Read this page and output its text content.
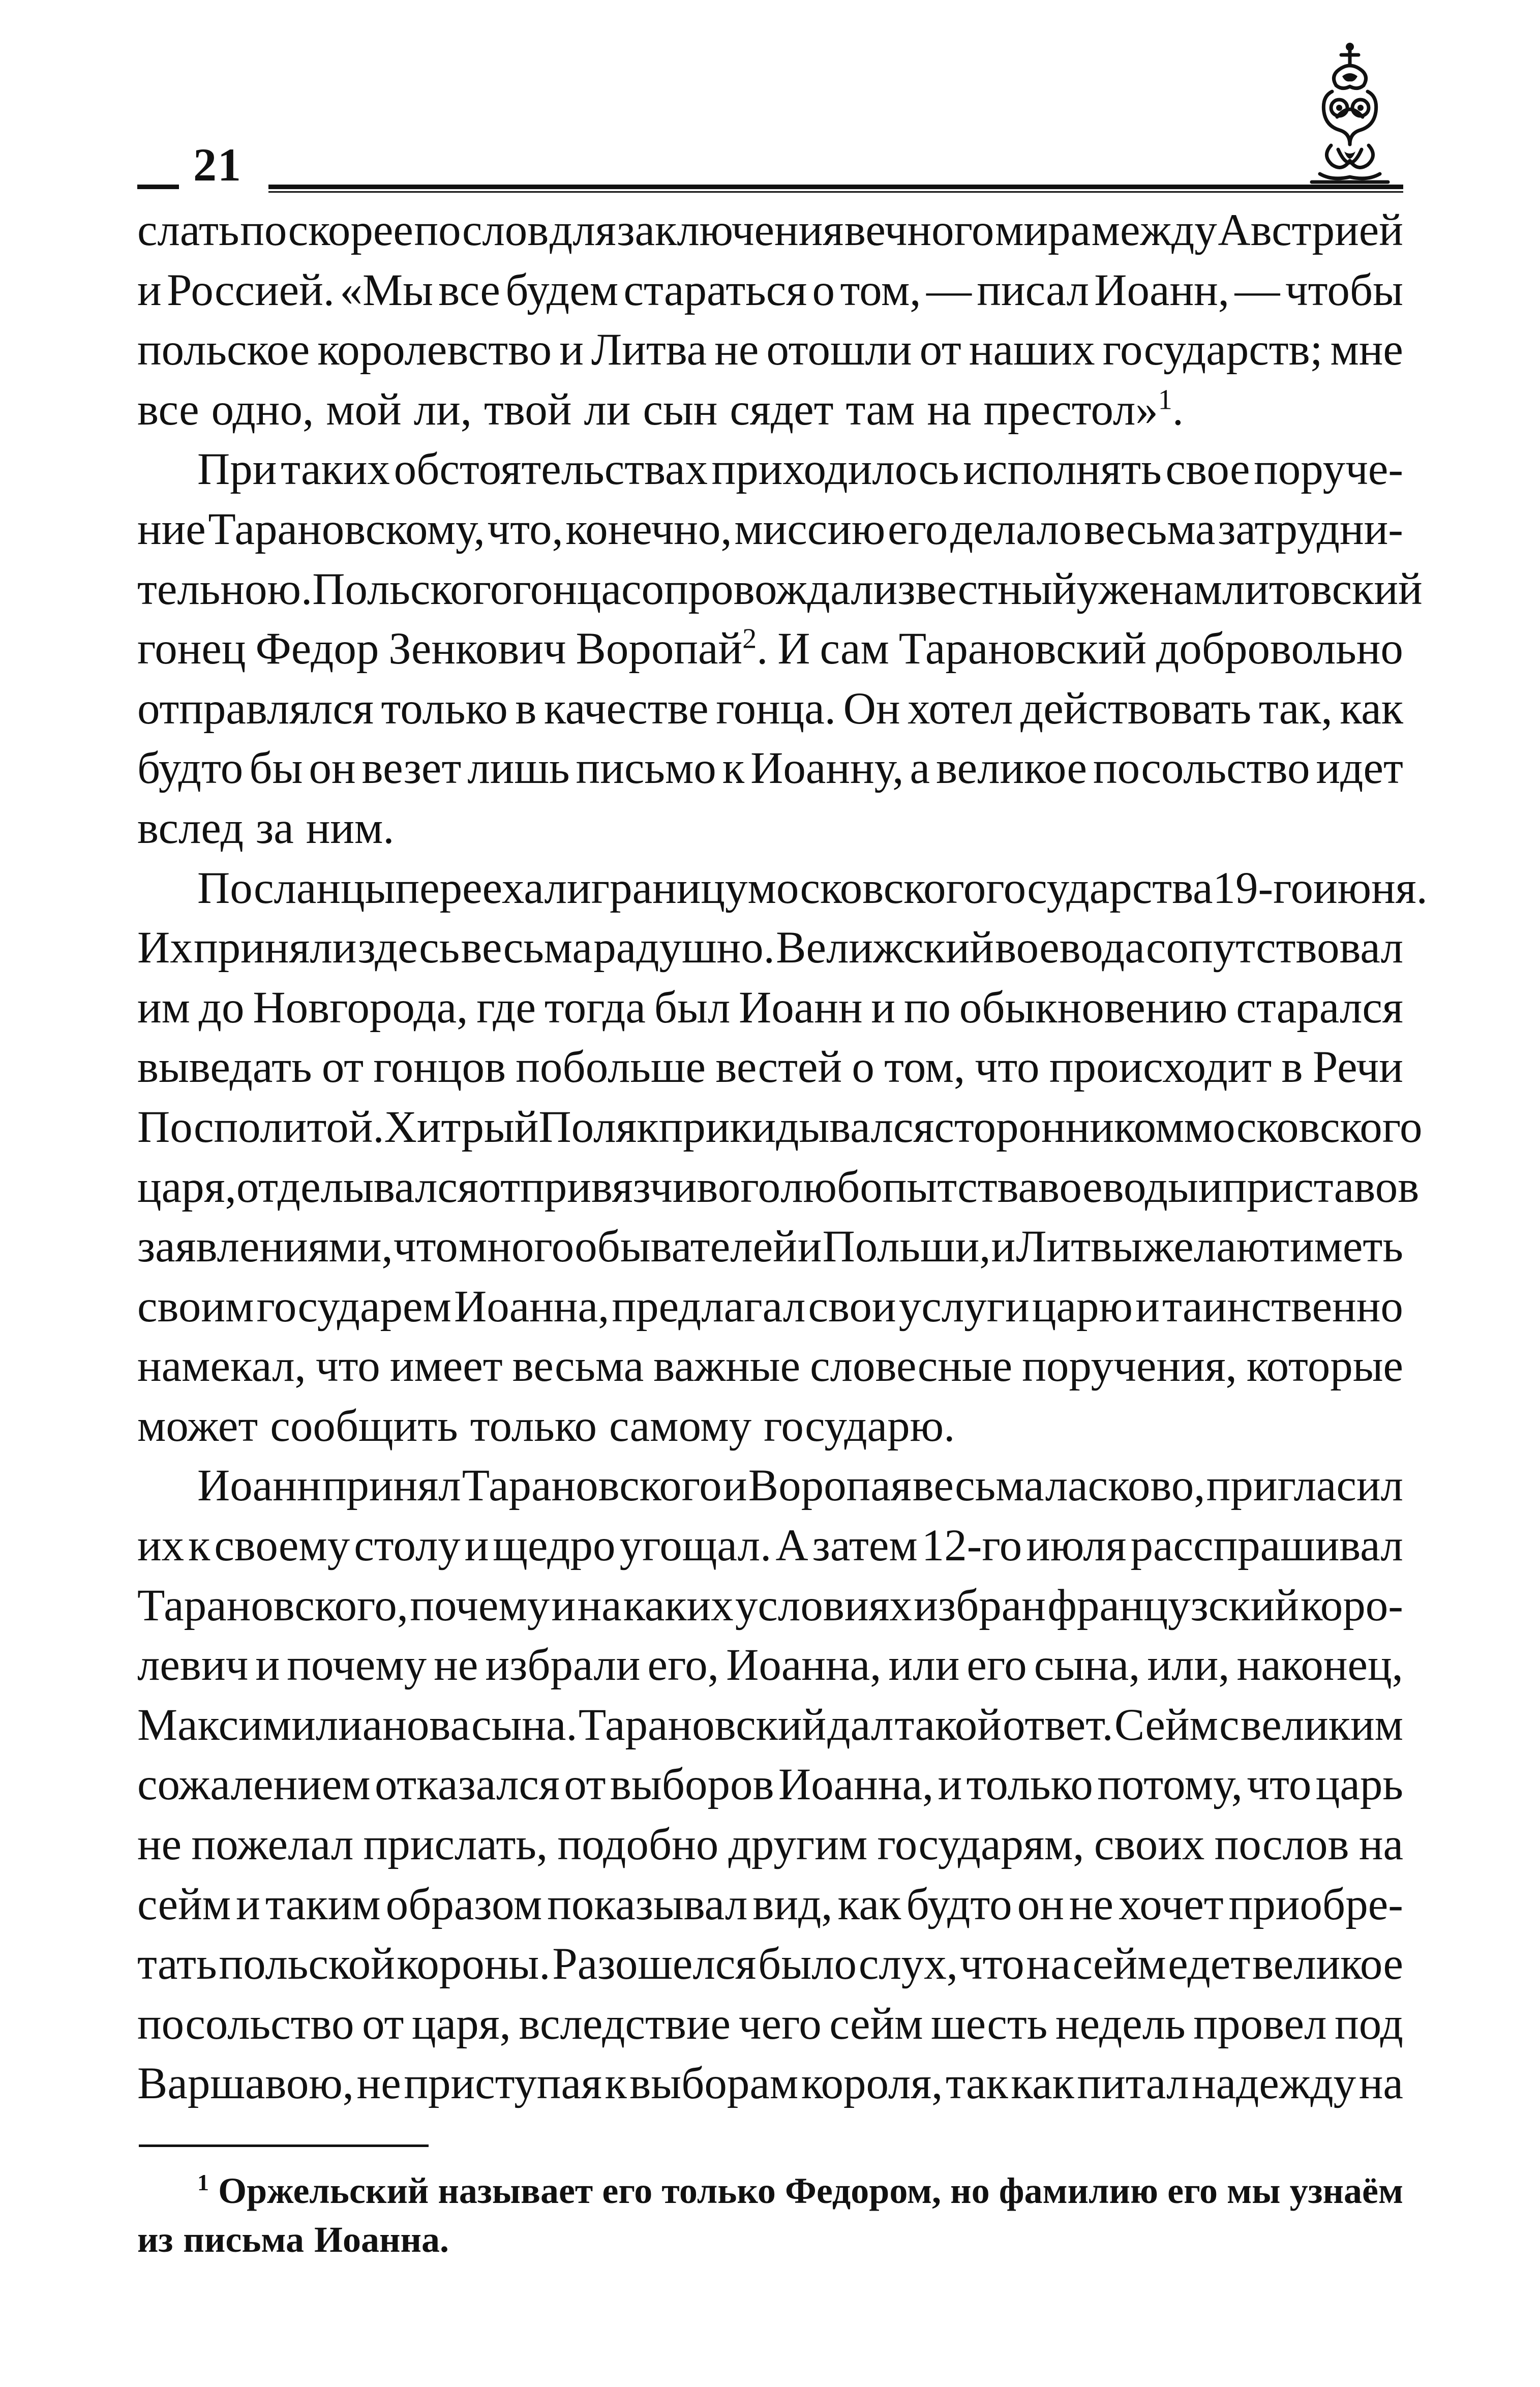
21
слать поскорее послов для заключения вечного мира между Австрией
и Россией. «Мы все будем стараться о том, — писал Иоанн, — чтобы
польское королевство и Литва не отошли от наших государств; мне
все одно, мой ли, твой ли сын сядет там на престол»$^1$.
При таких обстоятельствах приходилось исполнять свое поруче-
ние Тарановскому, что, конечно, миссию его делало весьма затрудни-
тельною. Польского гонца сопровождал известный уже нам литовский
гонец Федор Зенкович Воропай$^2$. И сам Тарановский добровольно
отправлялся только в качестве гонца. Он хотел действовать так, как
будто бы он везет лишь письмо к Иоанну, а великое посольство идет
вслед за ним.
Посланцы переехали границу московского государства 19-го июня.
Их приняли здесь весьма радушно. Велижский воевода сопутствовал
им до Новгорода, где тогда был Иоанн и по обыкновению старался
выведать от гонцов побольше вестей о том, что происходит в Речи
Посполитой. Хитрый Поляк прикидывался сторонником московского
царя, отделывался от привязчивого любопытства воеводы и приставов
заявлениями, что много обывателей и Польши, и Литвы желают иметь
своим государем Иоанна, предлагал свои услуги царю и таинственно
намекал, что имеет весьма важные словесные поручения, которые
может сообщить только самому государю.
Иоанн принял Тарановского и Воропая весьма ласково, пригласил
их к своему столу и щедро угощал. А затем 12-го июля расспрашивал
Тарановского, почему и на каких условиях избран французский коро-
левич и почему не избрали его, Иоанна, или его сына, или, наконец,
Максимилианова сына. Тарановский дал такой ответ. Сейм с великим
сожалением отказался от выборов Иоанна, и только потому, что царь
не пожелал прислать, подобно другим государям, своих послов на
сейм и таким образом показывал вид, как будто он не хочет приобре-
тать польской короны. Разошелся было слух, что на сейм едет великое
посольство от царя, вследствие чего сейм шесть недель провел под
Варшавою, не приступая к выборам короля, так как питал надежду на
$^1$ Оржельский называет его только Федором, но фамилию его мы узнаём
из письма Иоанна.
